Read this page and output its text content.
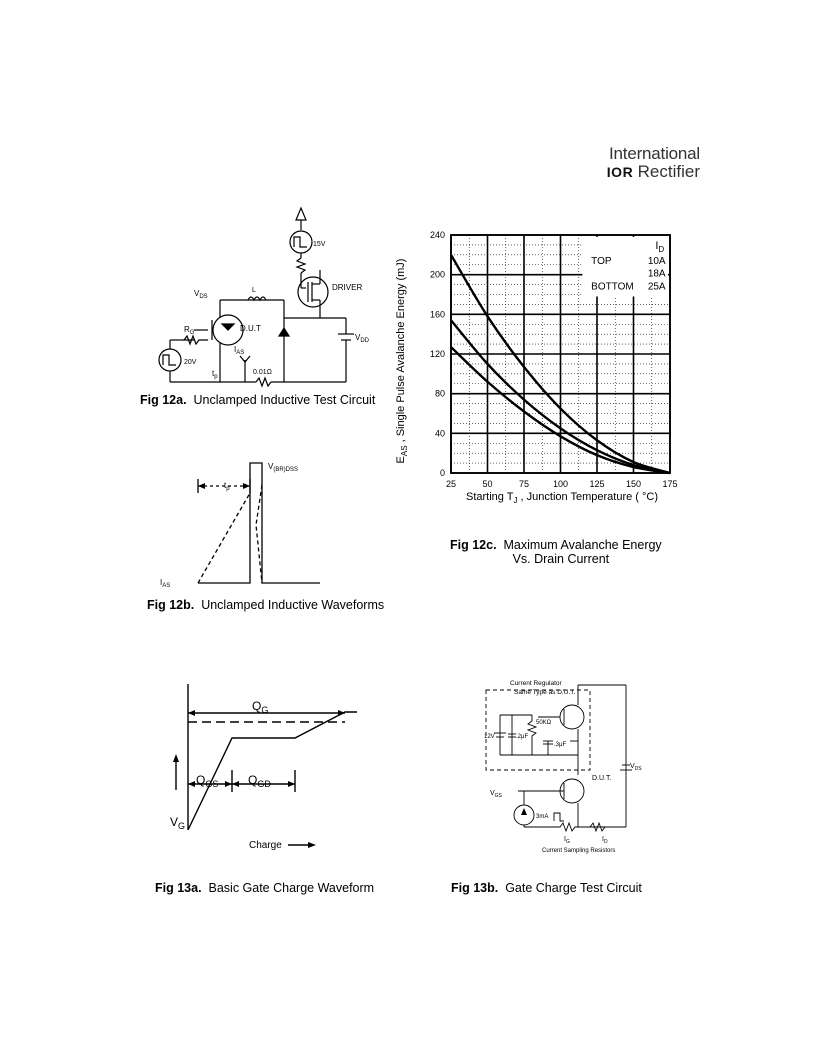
International
IOR Rectifier
15V
DRIVER
$V_{DS}$
L
$R_G$	D.U.T
20V
$t_p$
$I_{AS}$
0.01Ω
$V_{DD}$
Fig 12a. Unclamped Inductive Test Circuit
$V_{(BR)DSS}$
$t_p$
$I_{AS}$
Fig 12b. Unclamped Inductive Waveforms
25	50	75	100 125 150 175
0
40
80
120
160
200
240
$I_D$
TOP	10A
18A
BOTTOM 25A
$E_{AS}$ , Single Pulse Avalanche Energy (mJ)
Starting $T_J$ , Junction Temperature ( °C)
Fig 12c. Maximum Avalanche Energy
Vs. Drain Current
$Q_G$
$Q_{GS}$ $Q_{GD}$
$V_G$
Charge
Fig 13a. Basic Gate Charge Waveform
Current Regulator
Same Type as D.U.T.
50KΩ
12V	.2μF
.3μF
D.U.T.
$V_{DS}$
$V_{GS}$
3mA
$I_G$	$I_D$
Current Sampling Resistors
Fig 13b. Gate Charge Test Circuit
